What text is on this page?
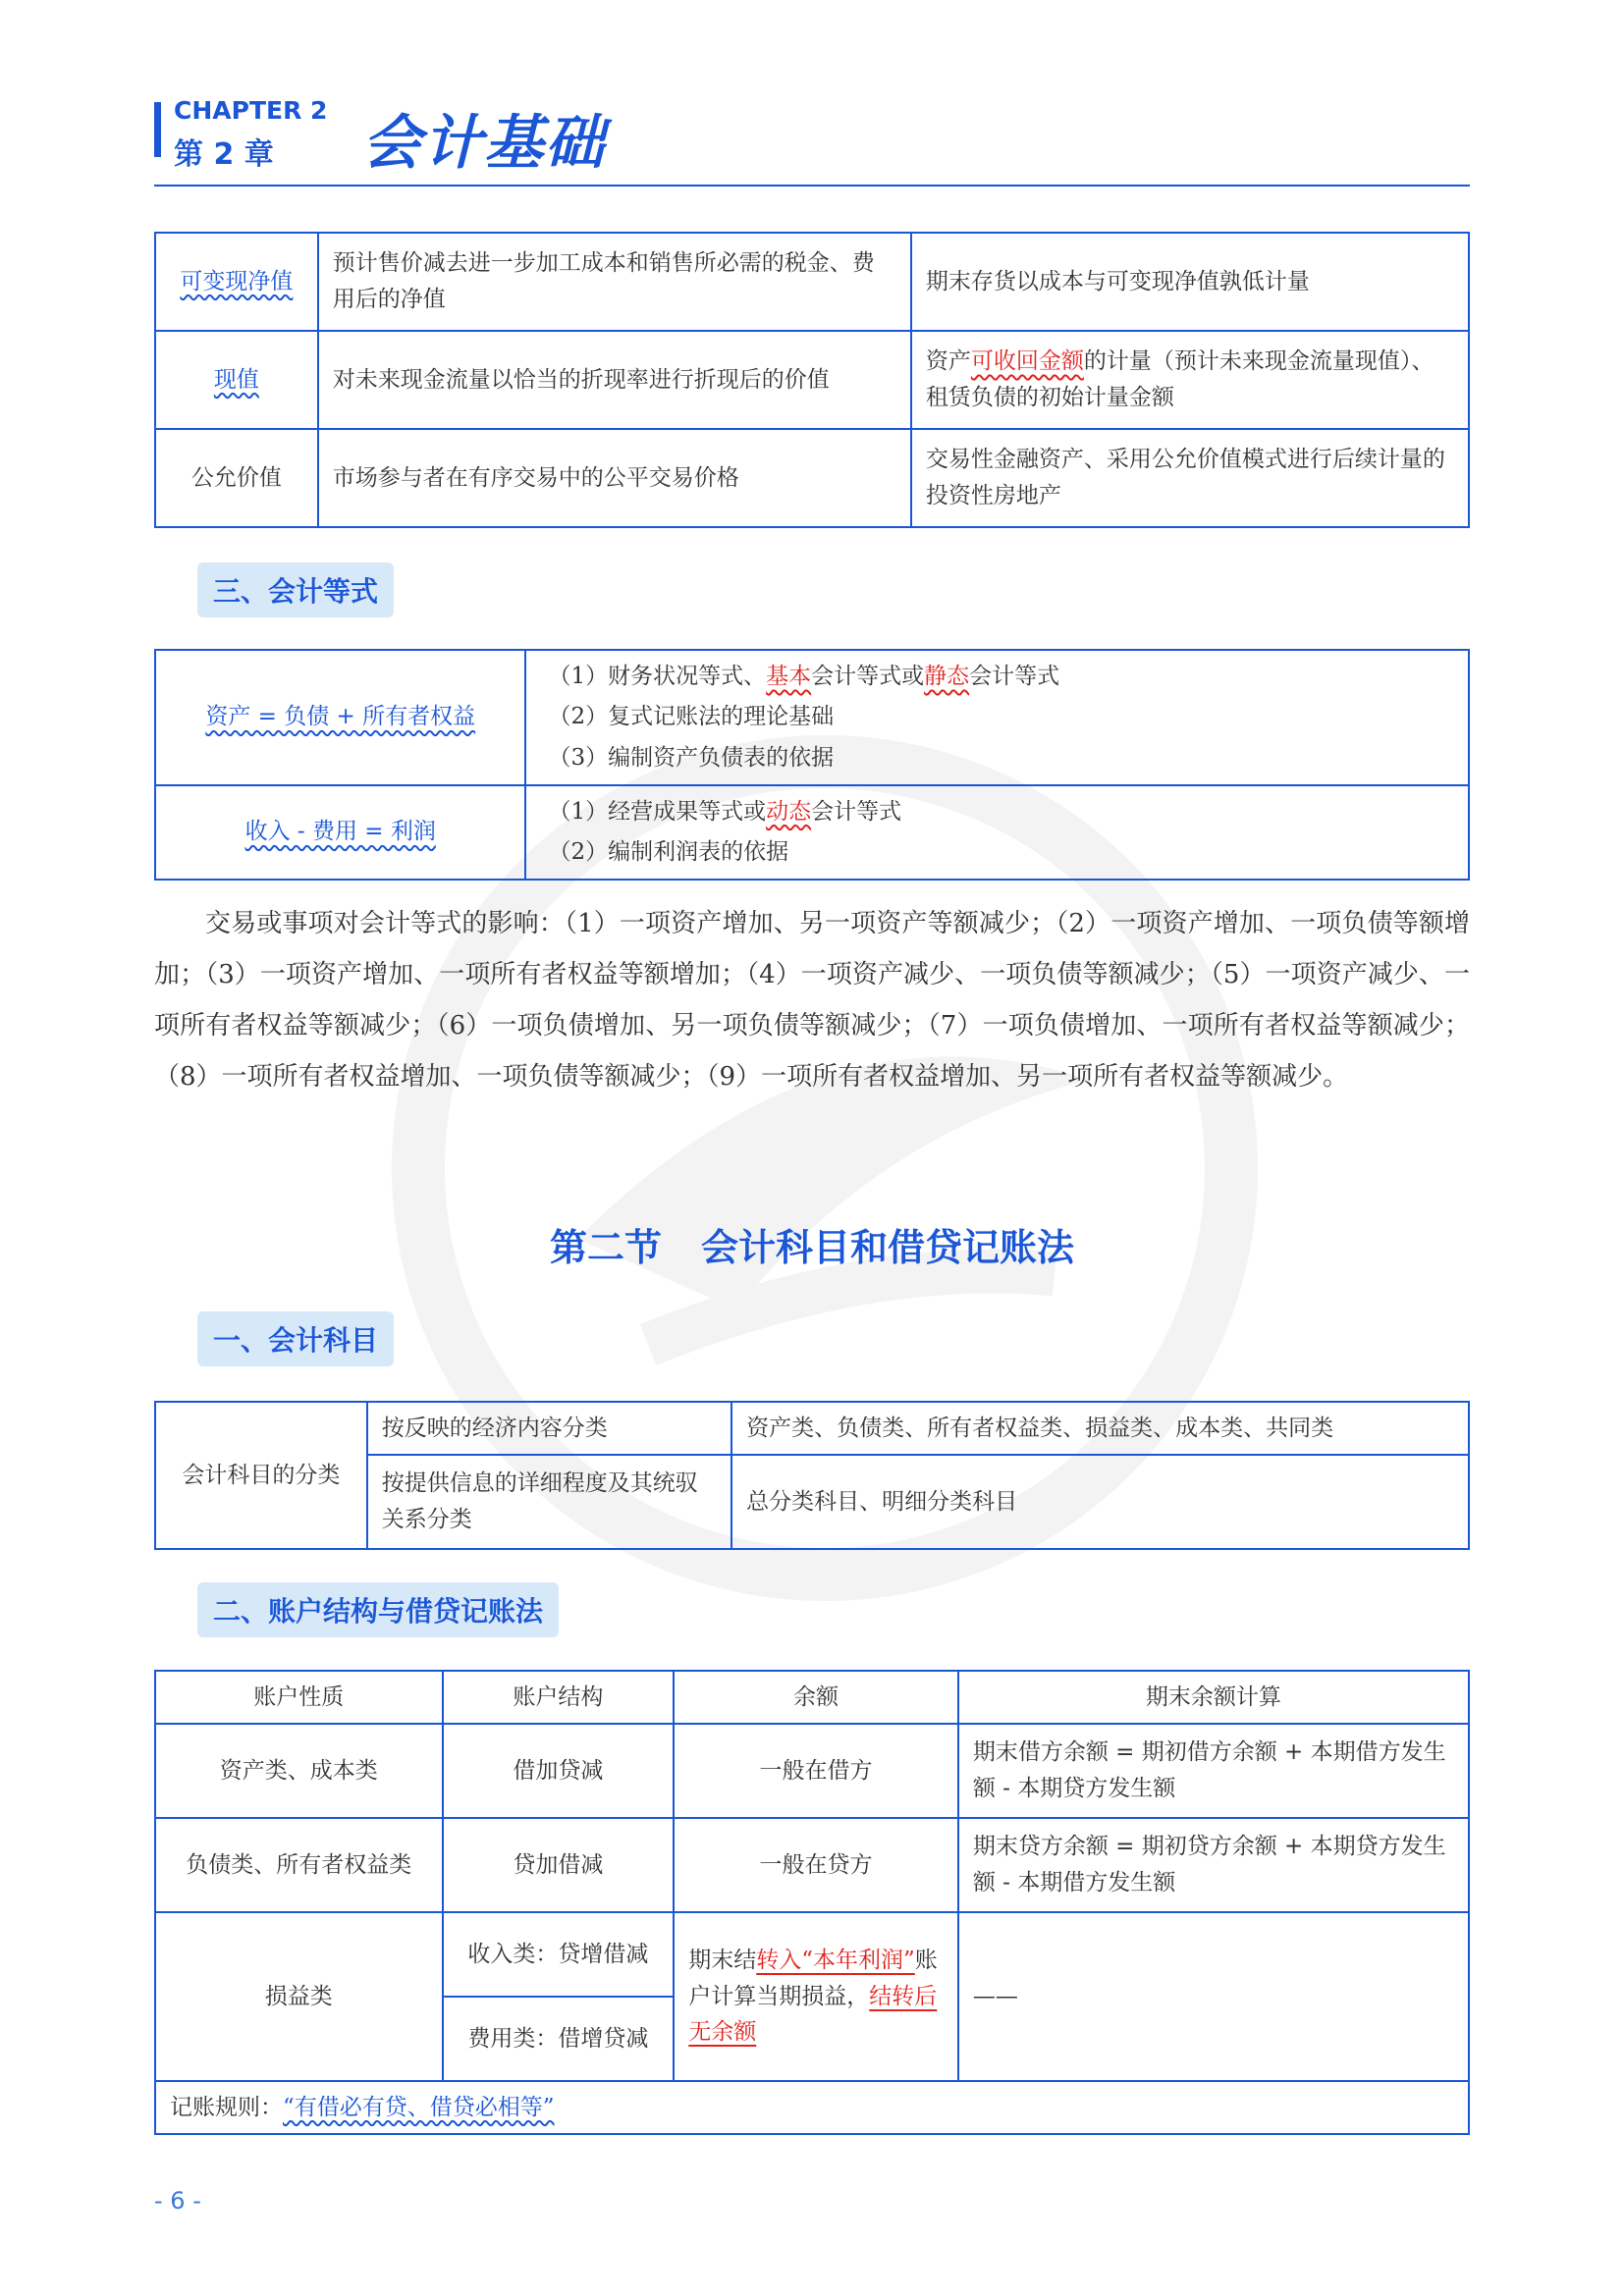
CHAPTER 2
第 2 章 会计基础
可变现净值	预计售价减去进一步加工成本和销售所必需的税金、费用后的净值	期末存货以成本与可变现净值孰低计量
现值	对未来现金流量以恰当的折现率进行折现后的价值	资产可收回金额的计量（预计未来现金流量现值）、租赁负债的初始计量金额
公允价值	市场参与者在有序交易中的公平交易价格	交易性金融资产、采用公允价值模式进行后续计量的投资性房地产
三、会计等式
资产 = 负债 + 所有者权益	（1）财务状况等式、基本会计等式或静态会计等式
（2）复式记账法的理论基础
（3）编制资产负债表的依据

收入 - 费用 = 利润	（1）经营成果等式或动态会计等式
（2）编制利润表的依据
交易或事项对会计等式的影响：（1）一项资产增加、另一项资产等额减少；（2）一项资产增加、一项负债等额增加；（3）一项资产增加、一项所有者权益等额增加；（4）一项资产减少、一项负债等额减少；（5）一项资产减少、一项所有者权益等额减少；（6）一项负债增加、另一项负债等额减少；（7）一项负债增加、一项所有者权益等额减少；（8）一项所有者权益增加、一项负债等额减少；（9）一项所有者权益增加、另一项所有者权益等额减少。
第二节 会计科目和借贷记账法
一、会计科目
会计科目的分类	按反映的经济内容分类	资产类、负债类、所有者权益类、损益类、成本类、共同类
	按提供信息的详细程度及其统驭关系分类	总分类科目、明细分类科目
二、账户结构与借贷记账法
账户性质	账户结构	余额	期末余额计算
资产类、成本类	借加贷减	一般在借方	期末借方余额 = 期初借方余额 + 本期借方发生额 - 本期贷方发生额
负债类、所有者权益类	贷加借减	一般在贷方	期末贷方余额 = 期初贷方余额 + 本期贷方发生额 - 本期借方发生额
损益类	收入类：贷增借减	期末结转入“本年利润”账户计算当期损益，结转后无余额	——
	费用类：借增贷减		
记账规则：“有借必有贷、借贷必相等”			
- 6 -
